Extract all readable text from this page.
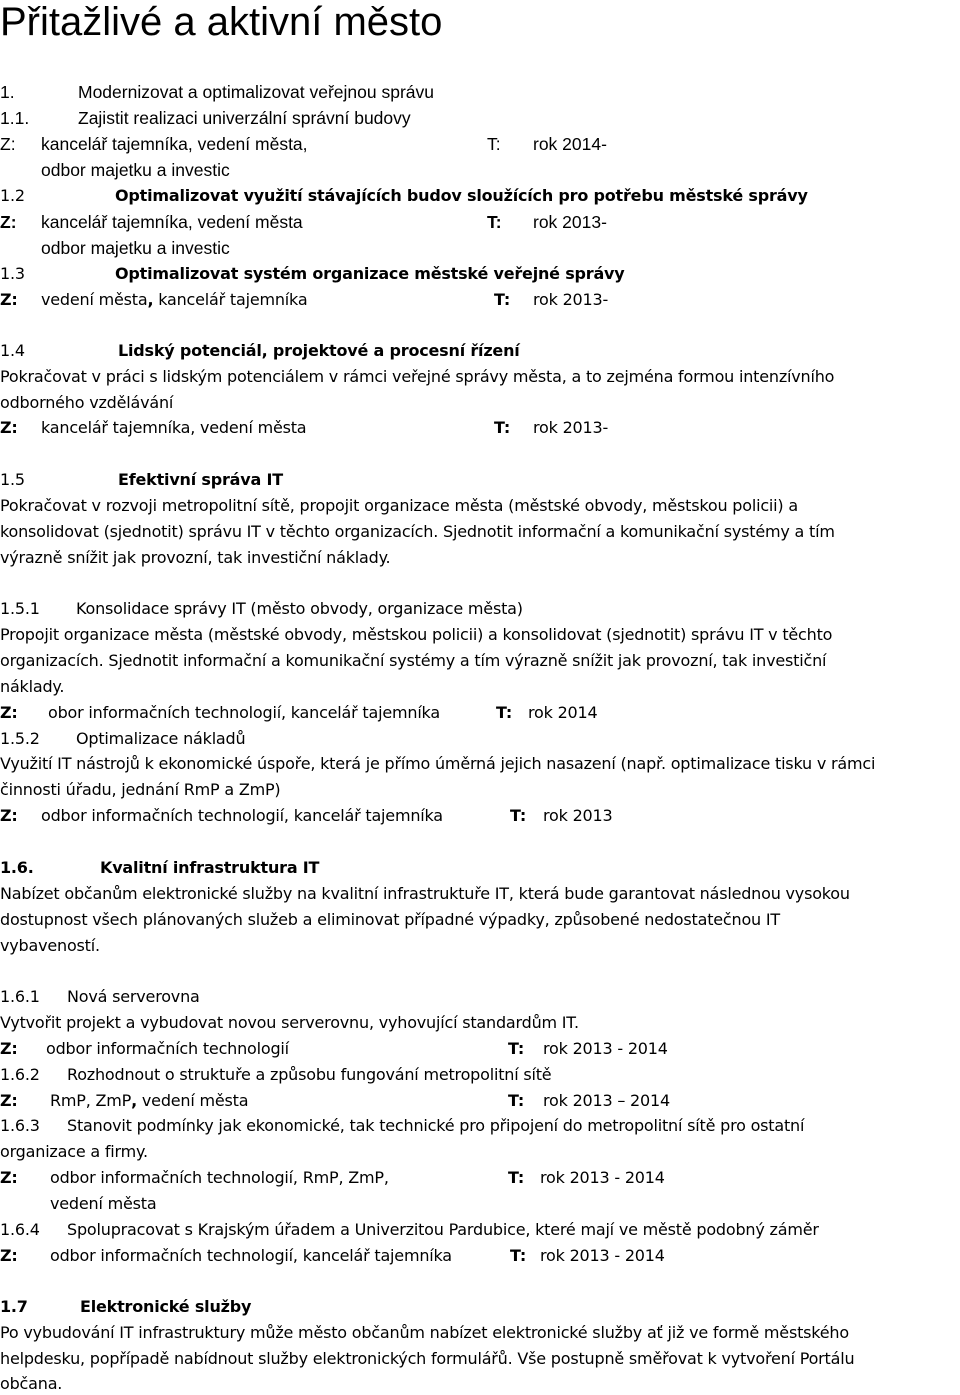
Přitažlivé a aktivní město
1.	Modernizovat a optimalizovat veřejnou správu
1.1.	Zajistit realizaci univerzální správní budovy
Z: kancelář tajemníka, vedení města,	T: rok 2014-
odbor majetku a investic
1.2	Optimalizovat využití stávajících budov sloužících pro potřebu městské správy
Z: kancelář tajemníka, vedení města	T: rok 2013-
odbor majetku a investic
1.3	Optimalizovat systém organizace městské veřejné správy
Z: vedení města, kancelář tajemníka	T: rok 2013-
1.4	Lidský potenciál, projektové a procesní řízení
Pokračovat v práci s lidským potenciálem v rámci veřejné správy města, a to zejména formou intenzívního
odborného vzdělávání
Z: kancelář tajemníka, vedení města	T: rok 2013-
1.5	Efektivní správa IT
Pokračovat v rozvoji metropolitní sítě, propojit organizace města (městské obvody, městskou policii) a
konsolidovat (sjednotit) správu IT v těchto organizacích. Sjednotit informační a komunikační systémy a tím
výrazně snížit jak provozní, tak investiční náklady.
1.5.1 Konsolidace správy IT (město obvody, organizace města)
Propojit organizace města (městské obvody, městskou policii) a konsolidovat (sjednotit) správu IT v těchto
organizacích. Sjednotit informační a komunikační systémy a tím výrazně snížit jak provozní, tak investiční
náklady.
Z: obor informačních technologií, kancelář tajemníka	T: rok 2014
1.5.2 Optimalizace nákladů
Využití IT nástrojů k ekonomické úspoře, která je přímo úměrná jejich nasazení (např. optimalizace tisku v rámci
činnosti úřadu, jednání RmP a ZmP)
Z: odbor informačních technologií, kancelář tajemníka	T: rok 2013
1.6.	Kvalitní infrastruktura IT
Nabízet občanům elektronické služby na kvalitní infrastruktuře IT, která bude garantovat následnou vysokou
dostupnost všech plánovaných služeb a eliminovat případné výpadky, způsobené nedostatečnou IT
vybaveností.
1.6.1 Nová serverovna
Vytvořit projekt a vybudovat novou serverovnu, vyhovující standardům IT.
Z: odbor informačních technologií	T: rok 2013 - 2014
1.6.2 Rozhodnout o struktuře a způsobu fungování metropolitní sítě
Z: RmP, ZmP, vedení města	T: rok 2013 – 2014
1.6.3 Stanovit podmínky jak ekonomické, tak technické pro připojení do metropolitní sítě pro ostatní
organizace a firmy.
Z: odbor informačních technologií, RmP, ZmP,	T: rok 2013 - 2014
vedení města
1.6.4 Spolupracovat s Krajským úřadem a Univerzitou Pardubice, které mají ve městě podobný záměr
Z: odbor informačních technologií, kancelář tajemníka	T: rok 2013 - 2014
1.7	Elektronické služby
Po vybudování IT infrastruktury může město občanům nabízet elektronické služby ať již ve formě městského
helpdesku, popřípadě nabídnout služby elektronických formulářů. Vše postupně směřovat k vytvoření Portálu
občana.
